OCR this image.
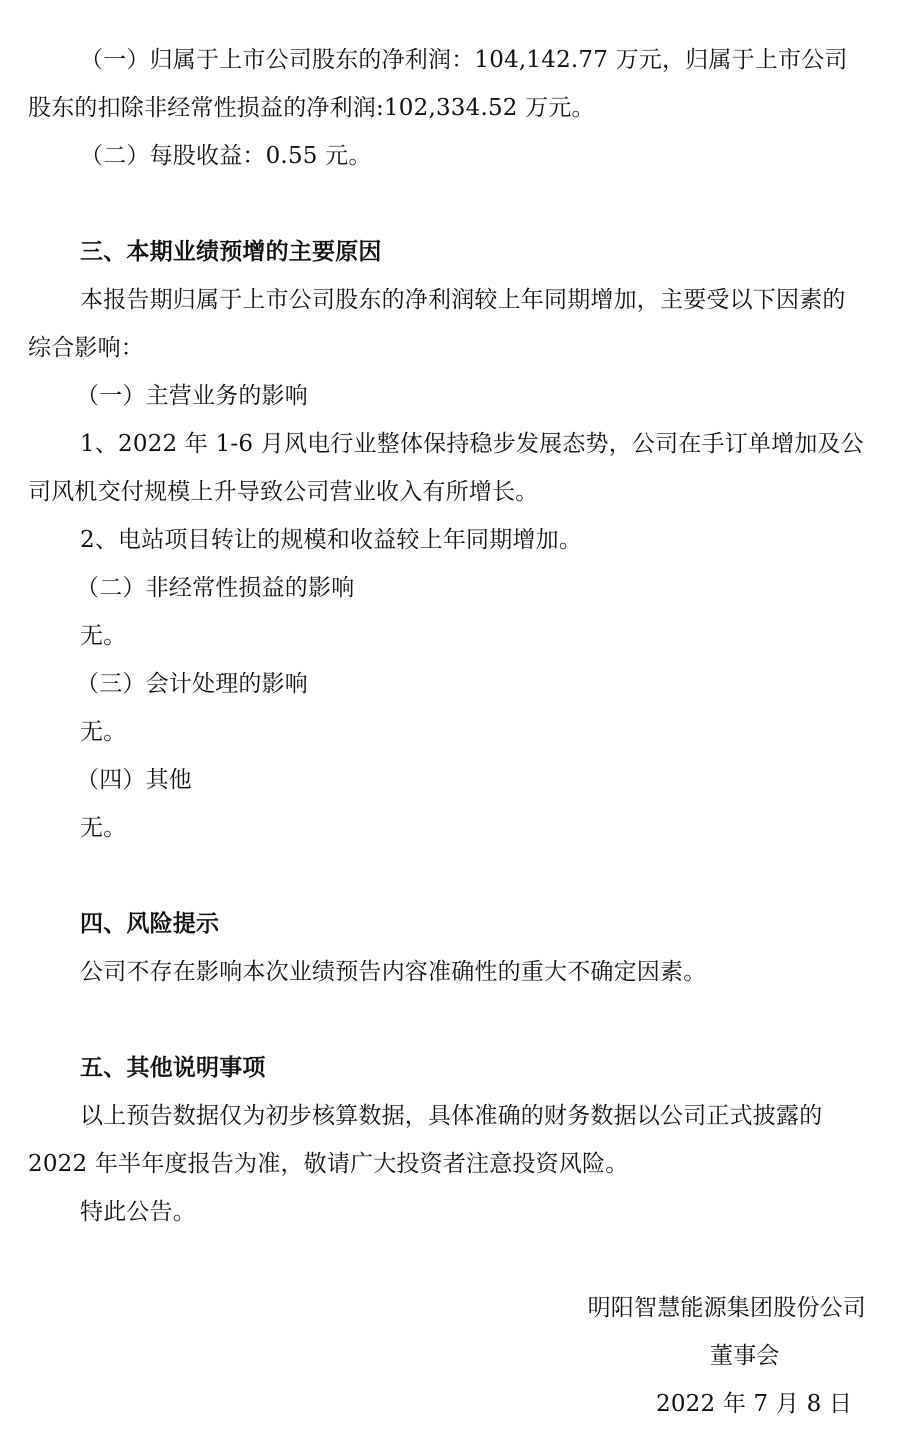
（一）归属于上市公司股东的净利润：104,142.77 万元，归属于上市公司
股东的扣除非经常性损益的净利润:102,334.52 万元。
（二）每股收益：0.55 元。
三、本期业绩预增的主要原因
本报告期归属于上市公司股东的净利润较上年同期增加，主要受以下因素的
综合影响：
（一）主营业务的影响
1、2022 年 1-6 月风电行业整体保持稳步发展态势，公司在手订单增加及公
司风机交付规模上升导致公司营业收入有所增长。
2、电站项目转让的规模和收益较上年同期增加。
（二）非经常性损益的影响
无。
（三）会计处理的影响
无。
（四）其他
无。
四、风险提示
公司不存在影响本次业绩预告内容准确性的重大不确定因素。
五、其他说明事项
以上预告数据仅为初步核算数据，具体准确的财务数据以公司正式披露的
2022 年半年度报告为准，敬请广大投资者注意投资风险。
特此公告。
明阳智慧能源集团股份公司
董事会
2022 年 7 月 8 日
